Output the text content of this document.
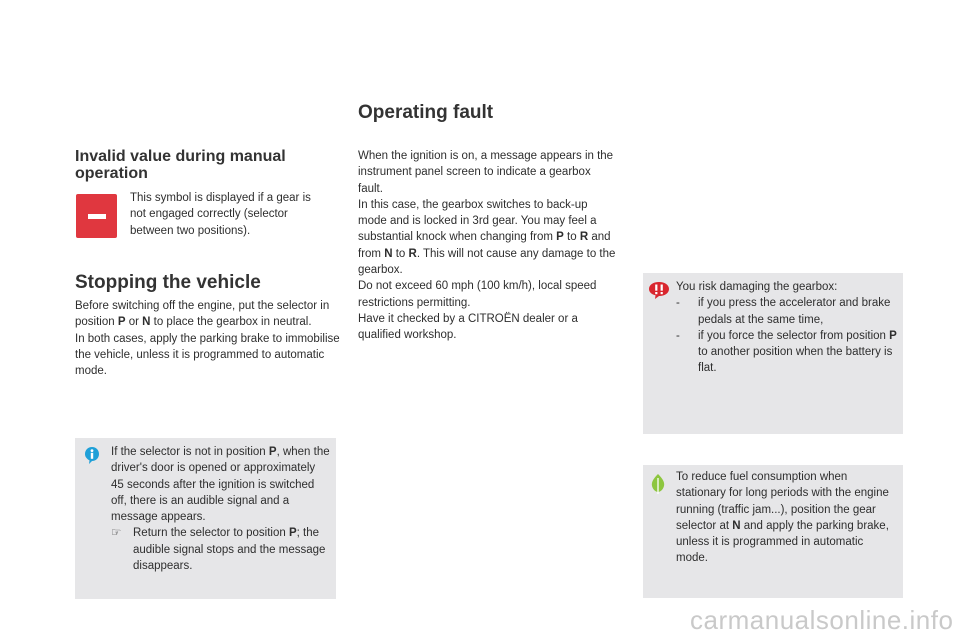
Invalid value during manual
operation
This symbol is displayed if a gear is not engaged correctly (selector between two positions).
Stopping the vehicle
Before switching off the engine, put the selector in position P or N to place the gearbox in neutral.
In both cases, apply the parking brake to immobilise the vehicle, unless it is programmed to automatic mode.
If the selector is not in position P, when the driver's door is opened or approximately 45 seconds after the ignition is switched off, there is an audible signal and a message appears.
☞ Return the selector to position P; the audible signal stops and the message disappears.
Operating fault
When the ignition is on, a message appears in the instrument panel screen to indicate a gearbox fault.
In this case, the gearbox switches to back-up mode and is locked in 3rd gear. You may feel a substantial knock when changing from P to R and from N to R. This will not cause any damage to the gearbox.
Do not exceed 60 mph (100 km/h), local speed restrictions permitting.
Have it checked by a CITROËN dealer or a qualified workshop.
You risk damaging the gearbox:
- if you press the accelerator and brake pedals at the same time,
- if you force the selector from position P to another position when the battery is flat.
To reduce fuel consumption when stationary for long periods with the engine running (traffic jam...), position the gear selector at N and apply the parking brake, unless it is programmed in automatic mode.
carmanualsonline.info
